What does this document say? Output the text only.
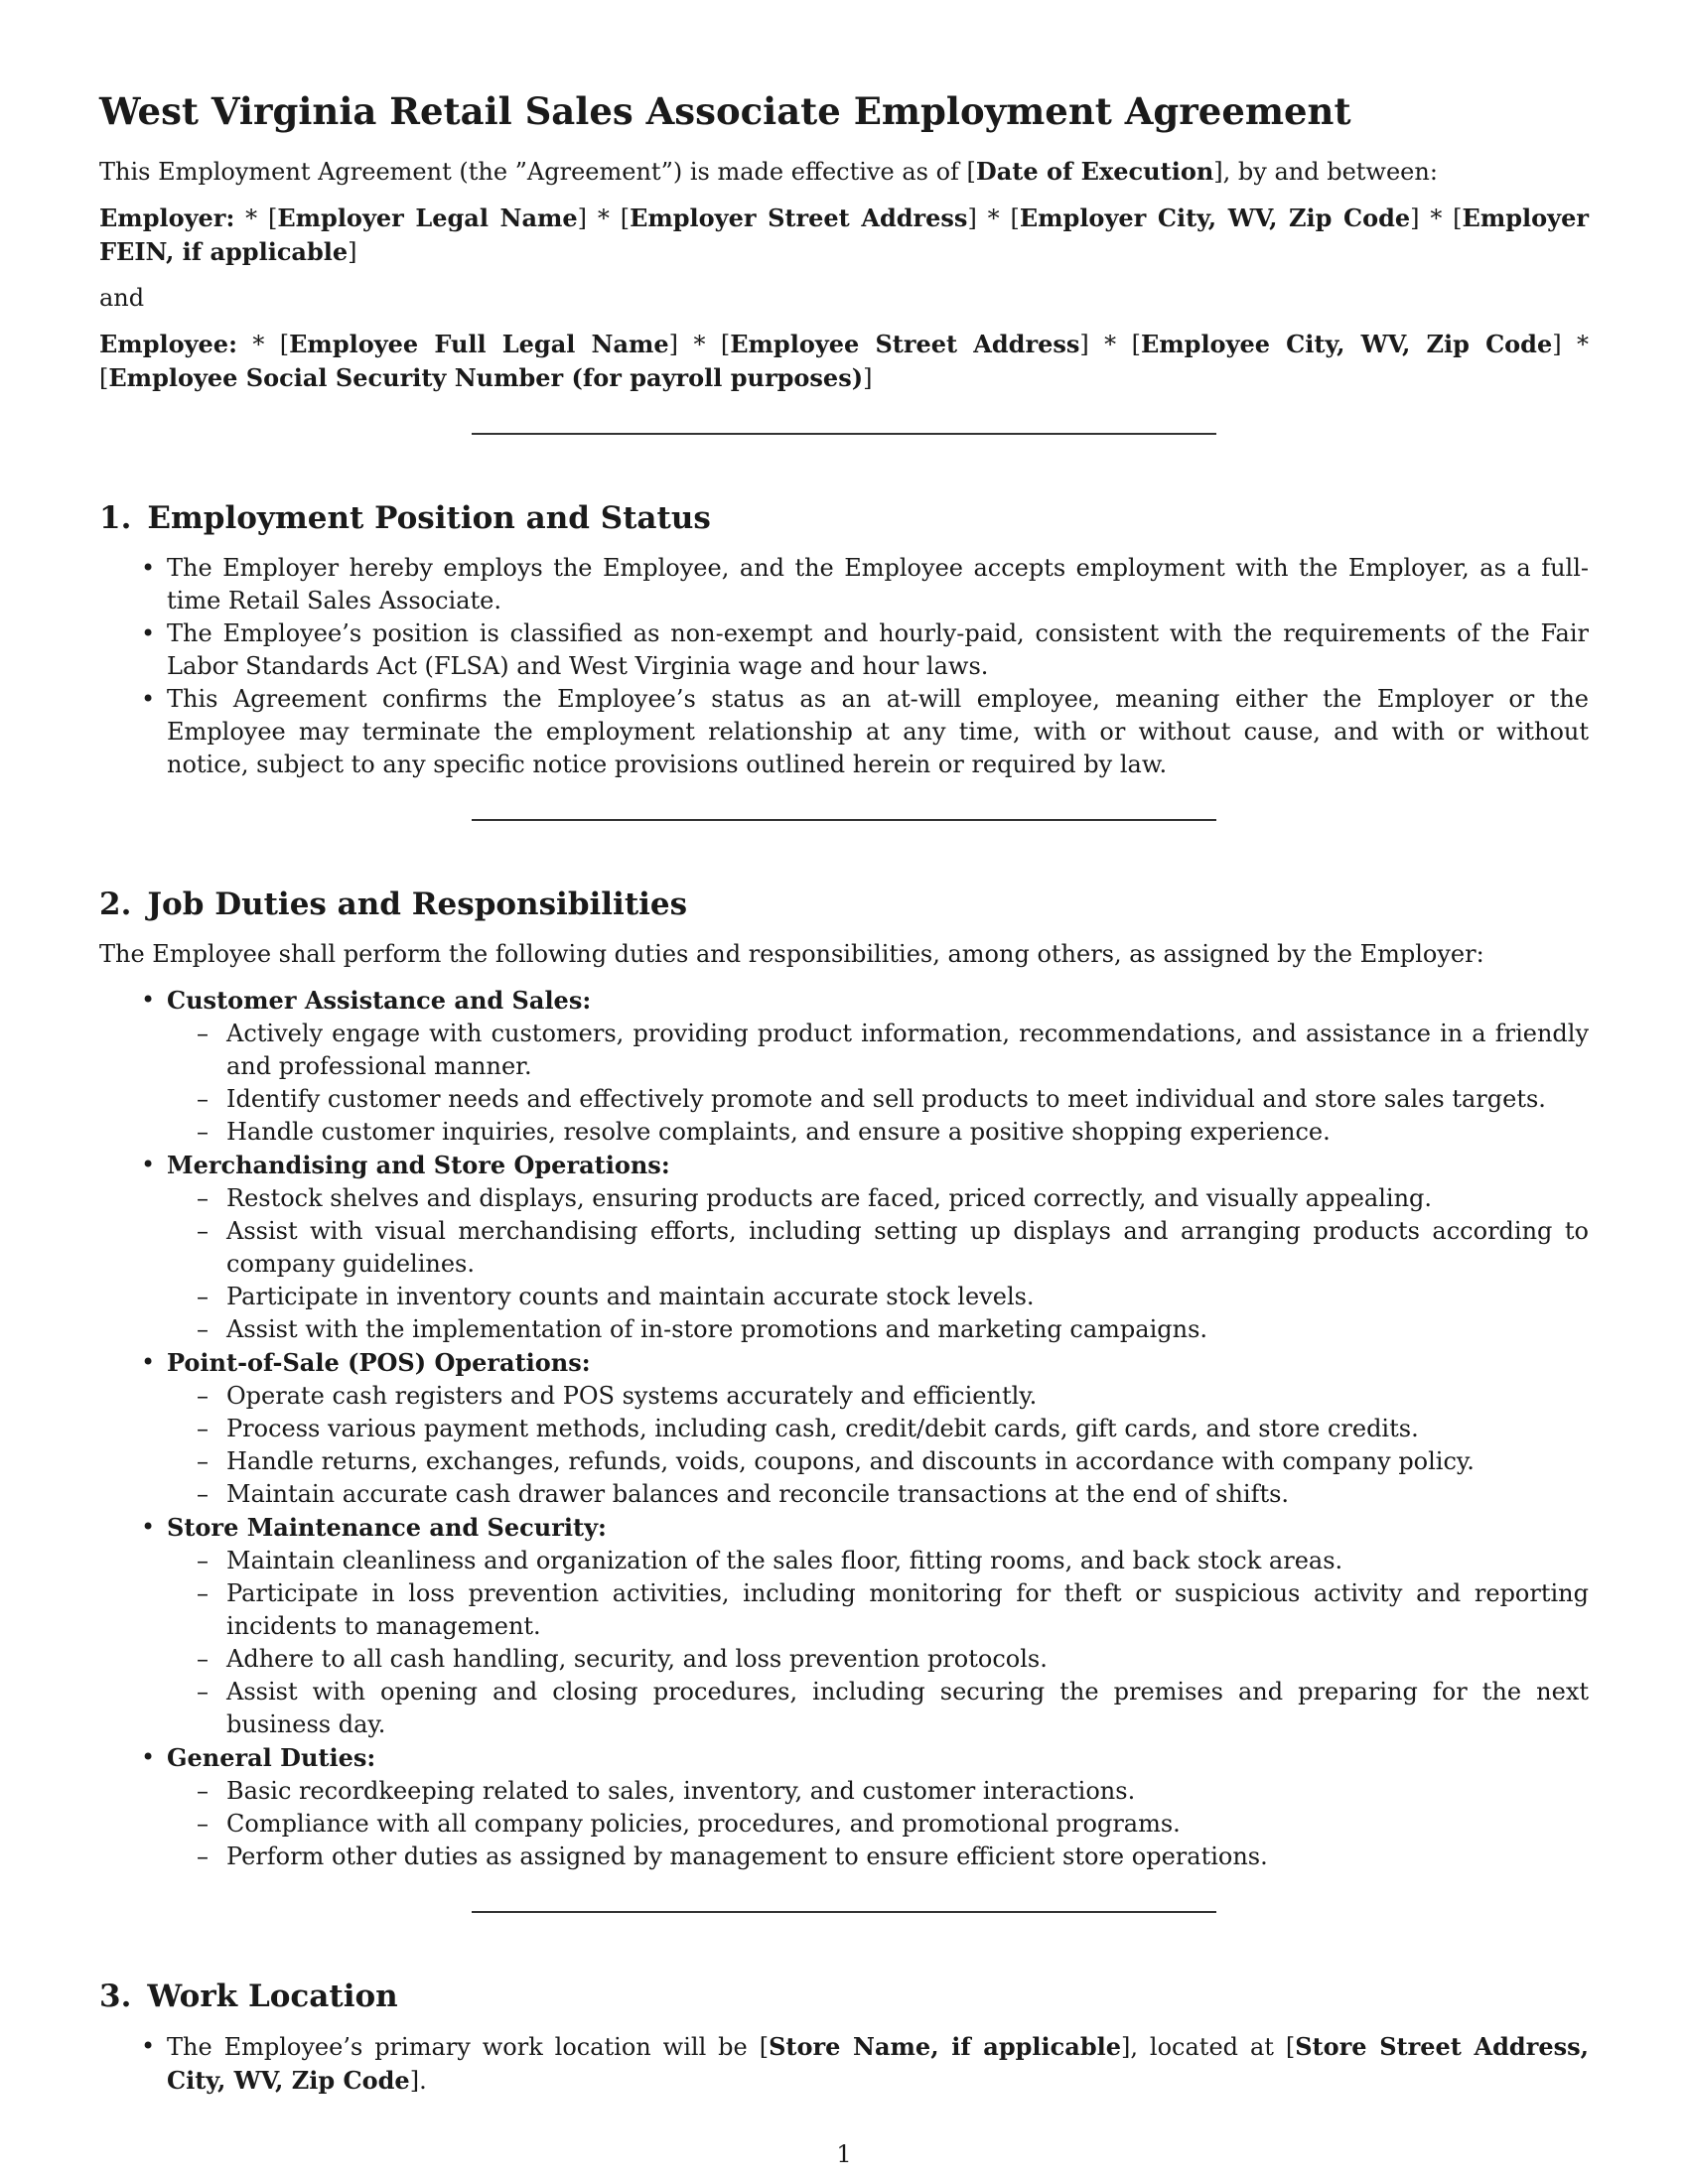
West Virginia Retail Sales Associate Employment Agreement

This Employment Agreement (the ”Agreement”) is made effective as of [Date of Execution], by and between:

Employer: * [Employer Legal Name] * [Employer Street Address] * [Employer City, WV, Zip Code] * [Employer FEIN, if applicable]

and

Employee: * [Employee Full Legal Name] * [Employee Street Address] * [Employee City, WV, Zip Code] * [Employee Social Security Number (for payroll purposes)]

1. Employment Position and Status
• The Employer hereby employs the Employee, and the Employee accepts employment with the Employer, as a full-time Retail Sales Associate.
• The Employee’s position is classified as non-exempt and hourly-paid, consistent with the requirements of the Fair Labor Standards Act (FLSA) and West Virginia wage and hour laws.
• This Agreement confirms the Employee’s status as an at-will employee, meaning either the Employer or the Employee may terminate the employment relationship at any time, with or without cause, and with or without notice, subject to any specific notice provisions outlined herein or required by law.
2. Job Duties and Responsibilities

The Employee shall perform the following duties and responsibilities, among others, as assigned by the Employer:

• Customer Assistance and Sales:
– Actively engage with customers, providing product information, recommendations, and assistance in a friendly and professional manner.
– Identify customer needs and effectively promote and sell products to meet individual and store sales targets.
– Handle customer inquiries, resolve complaints, and ensure a positive shopping experience.
• Merchandising and Store Operations:
– Restock shelves and displays, ensuring products are faced, priced correctly, and visually appealing.
– Assist with visual merchandising efforts, including setting up displays and arranging products according to company guidelines.
– Participate in inventory counts and maintain accurate stock levels.
– Assist with the implementation of in-store promotions and marketing campaigns.
• Point-of-Sale (POS) Operations:
– Operate cash registers and POS systems accurately and efficiently.
– Process various payment methods, including cash, credit/debit cards, gift cards, and store credits.
– Handle returns, exchanges, refunds, voids, coupons, and discounts in accordance with company policy.
– Maintain accurate cash drawer balances and reconcile transactions at the end of shifts.
• Store Maintenance and Security:
– Maintain cleanliness and organization of the sales floor, fitting rooms, and back stock areas.
– Participate in loss prevention activities, including monitoring for theft or suspicious activity and reporting incidents to management.
– Adhere to all cash handling, security, and loss prevention protocols.
– Assist with opening and closing procedures, including securing the premises and preparing for the next business day.
• General Duties:
– Basic recordkeeping related to sales, inventory, and customer interactions.
– Compliance with all company policies, procedures, and promotional programs.
– Perform other duties as assigned by management to ensure efficient store operations.
3. Work Location
• The Employee’s primary work location will be [Store Name, if applicable], located at [Store Street Address, City, WV, Zip Code].
1
